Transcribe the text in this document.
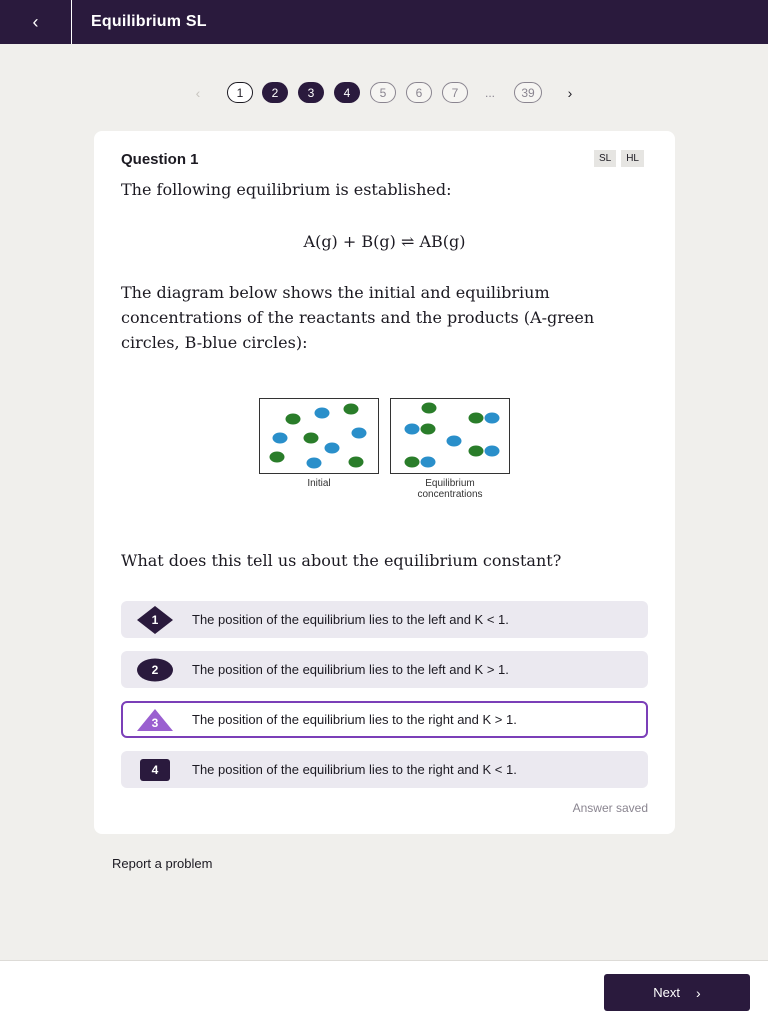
‹	Equilibrium SL
‹	1	2	3	4	5	6	7	...	39	›
Question 1	SL	HL
The following equilibrium is established:
A(g) + B(g) ⇌ AB(g)
The diagram below shows the initial and equilibrium concentrations of the reactants and the products (A-green circles, B-blue circles):
Initial	Equilibrium
concentrations
What does this tell us about the equilibrium constant?
1	The position of the equilibrium lies to the left and K < 1.
2	The position of the equilibrium lies to the left and K > 1.
3	The position of the equilibrium lies to the right and K > 1.
4	The position of the equilibrium lies to the right and K < 1.
Answer saved
Report a problem
Next ›
